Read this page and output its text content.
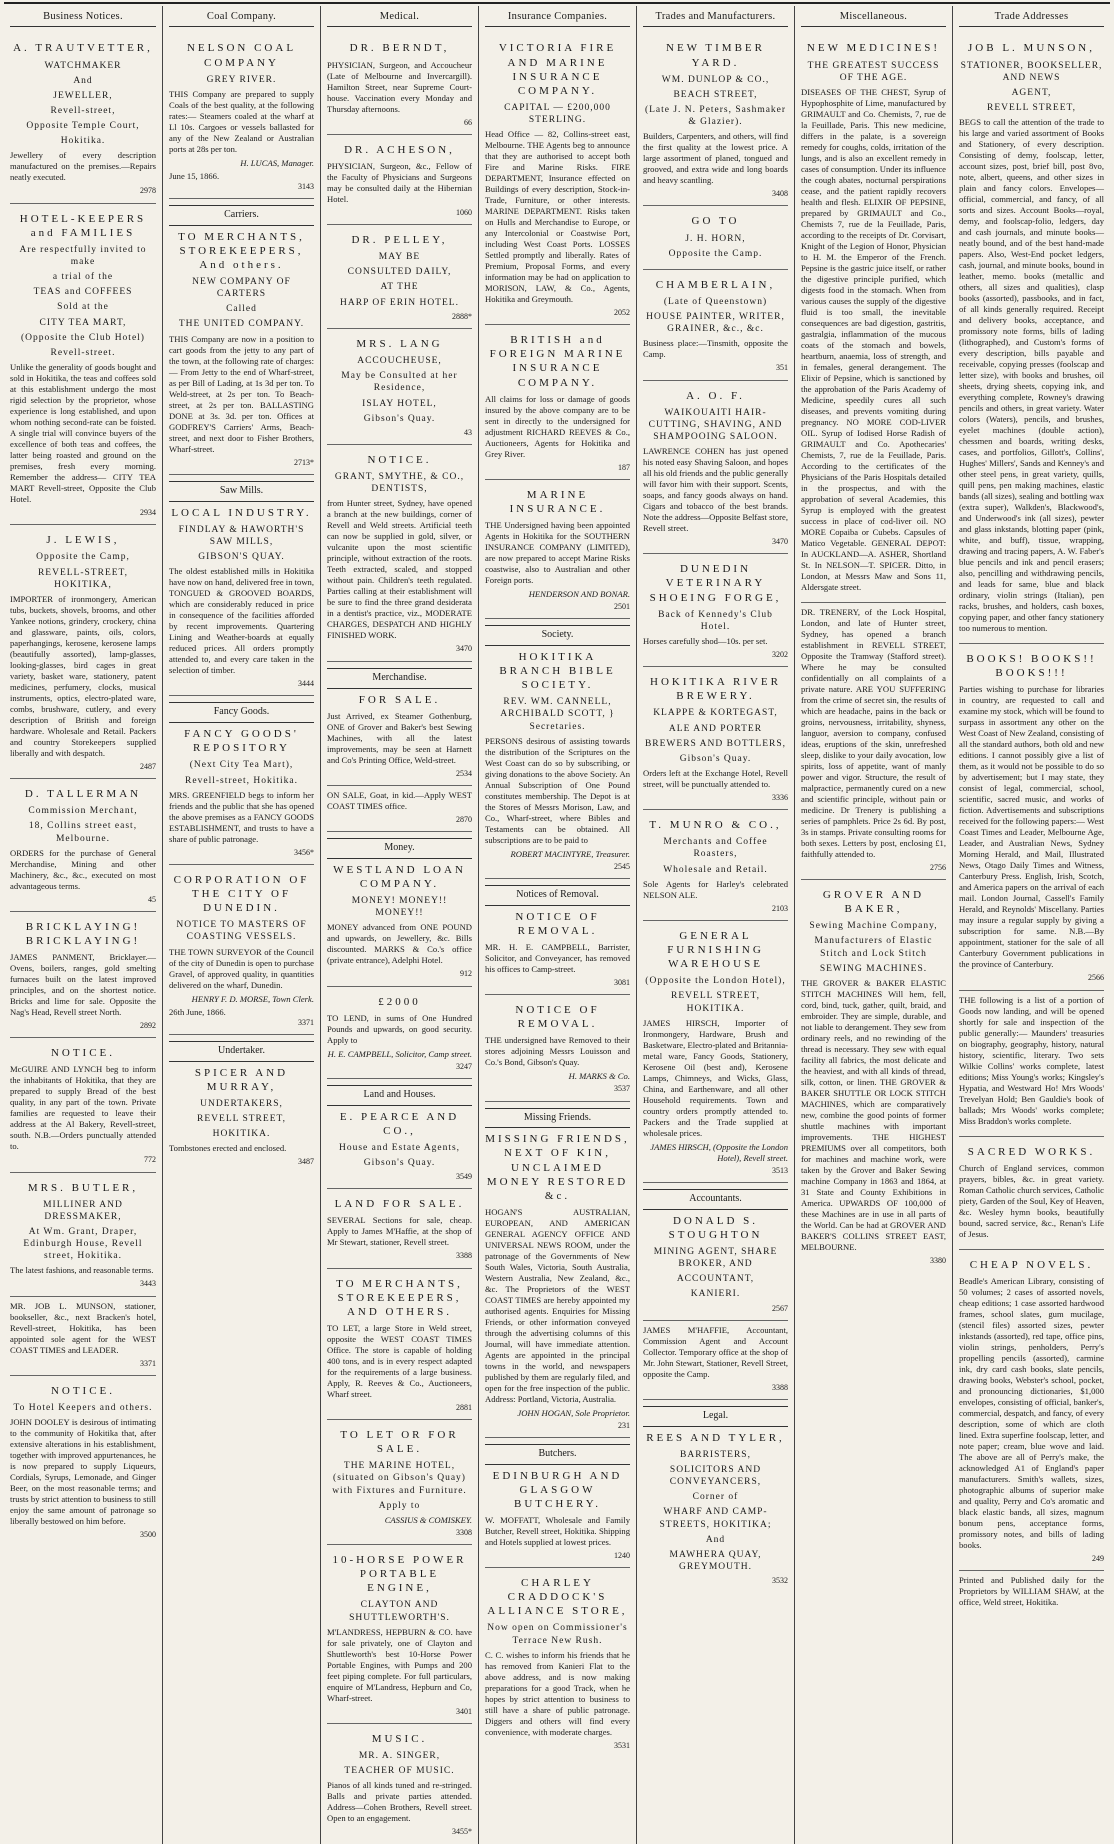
Business Notices.
A. TRAUTVETTER,
WATCHMAKER
And
JEWELLER,
Revell-street,
Opposite Temple Court,
Hokitika.

Jewellery of every description manufactured on the premises.—Repairs neatly executed.

2978
HOTEL-KEEPERS and FAMILIES
Are respectfully invited to make
a trial of the
TEAS and COFFEES
Sold at the
CITY TEA MART,
(Opposite the Club Hotel)
Revell-street.

Unlike the generality of goods bought and sold in Hokitika, the teas and coffees sold at this establishment undergo the most rigid selection by the proprietor, whose experience is long established, and upon whom nothing second-rate can be foisted. A single trial will convince buyers of the excellence of both teas and coffees, the latter being roasted and ground on the premises, fresh every morning. Remember the address— CITY TEA MART Revell-street, Opposite the Club Hotel.

2934
J. LEWIS,
Opposite the Camp,
REVELL-STREET, HOKITIKA,

IMPORTER of ironmongery, American tubs, buckets, shovels, brooms, and other Yankee notions, grindery, crockery, china and glassware, paints, oils, colors, paperhangings, kerosene, kerosene lamps (beautifully assorted), lamp-glasses, looking-glasses, bird cages in great variety, basket ware, stationery, patent medicines, perfumery, clocks, musical instruments, optics, electro-plated ware, combs, brushware, cutlery, and every description of British and foreign hardware. Wholesale and Retail. Packers and country Storekeepers supplied liberally and with despatch.

2487
D. TALLERMAN
Commission Merchant,
18, Collins street east, Melbourne.

ORDERS for the purchase of General Merchandise, Mining and other Machinery, &c., &c., executed on most advantageous terms.

45
BRICKLAYING! BRICKLAYING!

JAMES PANMENT, Bricklayer.— Ovens, boilers, ranges, gold smelting furnaces built on the latest improved principles, and on the shortest notice. Bricks and lime for sale. Opposite the Nag's Head, Revell street North.

2892
NOTICE.

McGUIRE AND LYNCH beg to inform the inhabitants of Hokitika, that they are prepared to supply Bread of the best quality, in any part of the town. Private families are requested to leave their address at the Al Bakery, Revell-street, south. N.B.—Orders punctually attended to.

772
MRS. BUTLER,
MILLINER AND DRESSMAKER,
At Wm. Grant, Draper, Edinburgh House, Revell street, Hokitika.

The latest fashions, and reasonable terms.

3443

MR. JOB L. MUNSON, stationer, bookseller, &c., next Bracken's hotel, Revell-street, Hokitika, has been appointed sole agent for the WEST COAST TIMES and LEADER.

3371
NOTICE.
To Hotel Keepers and others.

JOHN DOOLEY is desirous of intimating to the community of Hokitika that, after extensive alterations in his establishment, together with improved appurtenances, he is now prepared to supply Liqueurs, Cordials, Syrups, Lemonade, and Ginger Beer, on the most reasonable terms; and trusts by strict attention to business to still enjoy the same amount of patronage so liberally bestowed on him before.

3500
Coal Company.
NELSON COAL COMPANY
GREY RIVER.

THIS Company are prepared to supply Coals of the best quality, at the following rates:— Steamers coaled at the wharf at Ll 10s. Cargoes or vessels ballasted for any of the New Zealand or Australian ports at 28s per ton.

H. LUCAS, Manager.
June 15, 1866.
3143
Carriers.
TO MERCHANTS, STOREKEEPERS, And others.
NEW COMPANY OF CARTERS
Called
THE UNITED COMPANY.

THIS Company are now in a position to cart goods from the jetty to any part of the town, at the following rate of charges:— From Jetty to the end of Wharf-street, as per Bill of Lading, at 1s 3d per ton. To Weld-street, at 2s per ton. To Beach-street, at 2s per ton. BALLASTING DONE at 3s. 3d. per ton. Offices at GODFREY'S Carriers' Arms, Beach-street, and next door to Fisher Brothers, Wharf-street.

2713*
Saw Mills.
LOCAL INDUSTRY.
FINDLAY & HAWORTH'S SAW MILLS,
GIBSON'S QUAY.

The oldest established mills in Hokitika have now on hand, delivered free in town, TONGUED & GROOVED BOARDS, which are considerably reduced in price in consequence of the facilities afforded by recent improvements. Quartering Lining and Weather-boards at equally reduced prices. All orders promptly attended to, and every care taken in the selection of timber.

3444
Fancy Goods.
FANCY GOODS' REPOSITORY
(Next City Tea Mart),
Revell-street, Hokitika.

MRS. GREENFIELD begs to inform her friends and the public that she has opened the above premises as a FANCY GOODS ESTABLISHMENT, and trusts to have a share of public patronage.

3456*
CORPORATION OF THE CITY OF DUNEDIN.
NOTICE TO MASTERS OF COASTING VESSELS.

THE TOWN SURVEYOR of the Council of the city of Dunedin is open to purchase Gravel, of approved quality, in quantities delivered on the wharf, Dunedin.

HENRY F. D. MORSE, Town Clerk.
26th June, 1866.
3371
Undertaker.
SPICER AND MURRAY,
UNDERTAKERS,
REVELL STREET,
HOKITIKA.

Tombstones erected and enclosed.

3487
Medical.
DR. BERNDT,

PHYSICIAN, Surgeon, and Accoucheur (Late of Melbourne and Invercargill). Hamilton Street, near Supreme Court-house. Vaccination every Monday and Thursday afternoons.

66
DR. ACHESON,

PHYSICIAN, Surgeon, &c., Fellow of the Faculty of Physicians and Surgeons may be consulted daily at the Hibernian Hotel.

1060
DR. PELLEY,
MAY BE
CONSULTED DAILY,
AT THE
HARP OF ERIN HOTEL.
2888*
MRS. LANG
ACCOUCHEUSE,
May be Consulted at her Residence,
ISLAY HOTEL,
Gibson's Quay.
43
NOTICE.
GRANT, SMYTHE, & CO., DENTISTS,

from Hunter street, Sydney, have opened a branch at the new buildings, corner of Revell and Weld streets. Artificial teeth can now be supplied in gold, silver, or vulcanite upon the most scientific principle, without extraction of the roots. Teeth extracted, scaled, and stopped without pain. Children's teeth regulated. Parties calling at their establishment will be sure to find the three grand desiderata in a dentist's practice, viz., MODERATE CHARGES, DESPATCH AND HIGHLY FINISHED WORK.

3470
Merchandise.
FOR SALE.

Just Arrived, ex Steamer Gothenburg, ONE of Grover and Baker's best Sewing Machines, with all the latest improvements, may be seen at Harnett and Co's Printing Office, Weld-street.

2534

ON SALE, Goat, in kid.—Apply WEST COAST TIMES office.

2870
Money.
WESTLAND LOAN COMPANY.
MONEY! MONEY!! MONEY!!

MONEY advanced from ONE POUND and upwards, on Jewellery, &c. Bills discounted. MARKS & Co.'s office (private entrance), Adelphi Hotel.

912
£2000

TO LEND, in sums of One Hundred Pounds and upwards, on good security. Apply to

H. E. CAMPBELL, Solicitor, Camp street.
3247
Land and Houses.
E. PEARCE AND CO.,
House and Estate Agents,
Gibson's Quay.
3549
LAND FOR SALE.

SEVERAL Sections for sale, cheap. Apply to James M'Haffie, at the shop of Mr Stewart, stationer, Revell street.

3388
TO MERCHANTS, STOREKEEPERS, AND OTHERS.

TO LET, a large Store in Weld street, opposite the WEST COAST TIMES Office. The store is capable of holding 400 tons, and is in every respect adapted for the requirements of a large business. Apply, R. Reeves & Co., Auctioneers, Wharf street.

2881
TO LET OR FOR SALE.
THE MARINE HOTEL, (situated on Gibson's Quay) with Fixtures and Furniture.
Apply to
CASSIUS & COMISKEY.
3308
10-HORSE POWER PORTABLE ENGINE,
CLAYTON AND SHUTTLEWORTH'S.

M'LANDRESS, HEPBURN & CO. have for sale privately, one of Clayton and Shuttleworth's best 10-Horse Power Portable Engines, with Pumps and 200 feet piping complete. For full particulars, enquire of M'Landress, Hepburn and Co, Wharf-street.

3401
MUSIC.
MR. A. SINGER,
TEACHER OF MUSIC.

Pianos of all kinds tuned and re-stringed. Balls and private parties attended. Address—Cohen Brothers, Revell street. Open to an engagement.

3455*
Insurance Companies.
VICTORIA FIRE AND MARINE INSURANCE COMPANY.
CAPITAL — £200,000 STERLING.

Head Office — 82, Collins-street east, Melbourne. THE Agents beg to announce that they are authorised to accept both Fire and Marine Risks. FIRE DEPARTMENT, Insurance effected on Buildings of every description, Stock-in-Trade, Furniture, or other interests. MARINE DEPARTMENT. Risks taken on Hulls and Merchandise to Europe, or any Intercolonial or Coastwise Port, including West Coast Ports. LOSSES Settled promptly and liberally. Rates of Premium, Proposal Forms, and every information may be had on application to MORISON, LAW, & Co., Agents, Hokitika and Greymouth.

2052
BRITISH and FOREIGN MARINE INSURANCE COMPANY.

All claims for loss or damage of goods insured by the above company are to be sent in directly to the undersigned for adjustment RICHARD REEVES & Co., Auctioneers, Agents for Hokitika and Grey River.

187
MARINE INSURANCE.

THE Undersigned having been appointed Agents in Hokitika for the SOUTHERN INSURANCE COMPANY (LIMITED), are now prepared to accept Marine Risks coastwise, also to Australian and other Foreign ports.

HENDERSON AND BONAR.
2501
Society.
HOKITIKA BRANCH BIBLE SOCIETY.
REV. WM. CANNELL, ARCHIBALD SCOTT, } Secretaries.

PERSONS desirous of assisting towards the distribution of the Scriptures on the West Coast can do so by subscribing, or giving donations to the above Society. An Annual Subscription of One Pound constitutes membership. The Depot is at the Stores of Messrs Morison, Law, and Co., Wharf-street, where Bibles and Testaments can be obtained. All subscriptions are to be paid to

ROBERT MACINTYRE, Treasurer.
2545
Notices of Removal.
NOTICE OF REMOVAL.

MR. H. E. CAMPBELL, Barrister, Solicitor, and Conveyancer, has removed his offices to Camp-street.

3081
NOTICE OF REMOVAL.

THE undersigned have Removed to their stores adjoining Messrs Louisson and Co.'s Bond, Gibson's Quay.

H. MARKS & Co.
3537
Missing Friends.
MISSING FRIENDS, NEXT OF KIN, UNCLAIMED MONEY RESTORED &c.

HOGAN'S AUSTRALIAN, EUROPEAN, AND AMERICAN GENERAL AGENCY OFFICE AND UNIVERSAL NEWS ROOM, under the patronage of the Governments of New South Wales, Victoria, South Australia, Western Australia, New Zealand, &c., &c. The Proprietors of the WEST COAST TIMES are hereby appointed my authorised agents. Enquiries for Missing Friends, or other information conveyed through the advertising columns of this Journal, will have immediate attention. Agents are appointed in the principal towns in the world, and newspapers published by them are regularly filed, and open for the free inspection of the public. Address: Portland, Victoria, Australia.

JOHN HOGAN, Sole Proprietor.
231
Butchers.
EDINBURGH AND GLASGOW BUTCHERY.

W. MOFFATT, Wholesale and Family Butcher, Revell street, Hokitika. Shipping and Hotels supplied at lowest prices.

1240
CHARLEY CRADDOCK'S ALLIANCE STORE,
Now open on Commissioner's Terrace New Rush.

C. C. wishes to inform his friends that he has removed from Kanieri Flat to the above address, and is now making preparations for a good Track, when he hopes by strict attention to business to still have a share of public patronage. Diggers and others will find every convenience, with moderate charges.

3531
Trades and Manufacturers.
NEW TIMBER YARD.
WM. DUNLOP & CO.,
BEACH STREET,
(Late J. N. Peters, Sashmaker & Glazier).

Builders, Carpenters, and others, will find the first quality at the lowest price. A large assortment of planed, tongued and grooved, and extra wide and long boards and heavy scantling.

3408
GO TO
J. H. HORN,
Opposite the Camp.
CHAMBERLAIN,
(Late of Queenstown)
HOUSE PAINTER, WRITER, GRAINER, &c., &c.

Business place:—Tinsmith, opposite the Camp.

351
A. O. F.
WAIKOUAITI HAIR-CUTTING, SHAVING, AND SHAMPOOING SALOON.

LAWRENCE COHEN has just opened his noted easy Shaving Saloon, and hopes all his old friends and the public generally will favor him with their support. Scents, soaps, and fancy goods always on hand. Cigars and tobacco of the best brands. Note the address—Opposite Belfast store, Revell street.

3470
DUNEDIN VETERINARY SHOEING FORGE,
Back of Kennedy's Club Hotel.

Horses carefully shod—10s. per set.

3202
HOKITIKA RIVER BREWERY.
KLAPPE & KORTEGAST,
ALE AND PORTER
BREWERS AND BOTTLERS,
Gibson's Quay.

Orders left at the Exchange Hotel, Revell street, will be punctually attended to.

3336
T. MUNRO & CO.,
Merchants and Coffee Roasters,
Wholesale and Retail.

Sole Agents for Harley's celebrated NELSON ALE.

2103
GENERAL FURNISHING WAREHOUSE
(Opposite the London Hotel),
REVELL STREET, HOKITIKA.

JAMES HIRSCH, Importer of Ironmongery, Hardware, Brush and Basketware, Electro-plated and Britannia-metal ware, Fancy Goods, Stationery, Kerosene Oil (best and), Kerosene Lamps, Chimneys, and Wicks, Glass, China, and Earthenware, and all other Household requirements. Town and country orders promptly attended to. Packers and the Trade supplied at wholesale prices.

JAMES HIRSCH, (Opposite the London Hotel), Revell street.
3513
Accountants.
DONALD S. STOUGHTON
MINING AGENT, SHARE BROKER, AND
ACCOUNTANT,
KANIERI.
2567

JAMES M'HAFFIE, Accountant, Commission Agent and Account Collector. Temporary office at the shop of Mr. John Stewart, Stationer, Revell Street, opposite the Camp.

3388
Legal.
REES AND TYLER,
BARRISTERS,
SOLICITORS AND CONVEYANCERS,
Corner of
WHARF AND CAMP-STREETS, HOKITIKA;
And
MAWHERA QUAY, GREYMOUTH.
3532
Miscellaneous.
NEW MEDICINES!
THE GREATEST SUCCESS OF THE AGE.

DISEASES OF THE CHEST, Syrup of Hypophosphite of Lime, manufactured by GRIMAULT and Co. Chemists, 7, rue de la Feuillade, Paris. This new medicine, differs in the palate, is a sovereign remedy for coughs, colds, irritation of the lungs, and is also an excellent remedy in cases of consumption. Under its influence the cough abates, nocturnal perspirations cease, and the patient rapidly recovers health and flesh. ELIXIR OF PEPSINE, prepared by GRIMAULT and Co., Chemists 7, rue de la Feuillade, Paris, according to the receipts of Dr. Corvisart, Knight of the Legion of Honor, Physician to H. M. the Emperor of the French. Pepsine is the gastric juice itself, or rather the digestive principle purified, which digests food in the stomach. When from various causes the supply of the digestive fluid is too small, the inevitable consequences are bad digestion, gastritis, gastralgia, inflammation of the mucous coats of the stomach and bowels, heartburn, anaemia, loss of strength, and in females, general derangement. The Elixir of Pepsine, which is sanctioned by the approbation of the Paris Academy of Medicine, speedily cures all such diseases, and prevents vomiting during pregnancy. NO MORE COD-LIVER OIL. Syrup of Iodised Horse Radish of GRIMAULT and Co. Apothecaries' Chemists, 7, rue de la Feuillade, Paris. According to the certificates of the Physicians of the Paris Hospitals detailed in the prospectus, and with the approbation of several Academies, this Syrup is employed with the greatest success in place of cod-liver oil. NO MORE Copaiba or Cubebs. Capsules of Matico Vegetable. GENERAL DEPOT: In AUCKLAND—A. ASHER, Shortland St. In NELSON—T. SPICER. Ditto, in London, at Messrs Maw and Sons 11, Aldersgate street.

DR. TRENERY, of the Lock Hospital, London, and late of Hunter street, Sydney, has opened a branch establishment in REVELL STREET, Opposite the Tramway (Stafford street). Where he may be consulted confidentially on all complaints of a private nature. ARE YOU SUFFERING from the crime of secret sin, the results of which are headache, pains in the back or groins, nervousness, irritability, shyness, languor, aversion to company, confused ideas, eruptions of the skin, unrefreshed sleep, dislike to your daily avocation, low spirits, loss of appetite, want of manly power and vigor. Structure, the result of malpractice, permanently cured on a new and scientific principle, without pain or medicine. Dr Trenery is publishing a series of pamphlets. Price 2s 6d. By post, 3s in stamps. Private consulting rooms for both sexes. Letters by post, enclosing £1, faithfully attended to.

2756
GROVER AND BAKER,
Sewing Machine Company,
Manufacturers of Elastic Stitch and Lock Stitch
SEWING MACHINES.

THE GROVER & BAKER ELASTIC STITCH MACHINES Will hem, fell, cord, bind, tuck, gather, quilt, braid, and embroider. They are simple, durable, and not liable to derangement. They sew from ordinary reels, and no rewinding of the thread is necessary. They sew with equal facility all fabrics, the most delicate and the heaviest, and with all kinds of thread, silk, cotton, or linen. THE GROVER & BAKER SHUTTLE OR LOCK STITCH MACHINES, which are comparatively new, combine the good points of former shuttle machines with important improvements. THE HIGHEST PREMIUMS over all competitors, both for machines and machine work, were taken by the Grover and Baker Sewing machine Company in 1863 and 1864, at 31 State and County Exhibitions in America. UPWARDS OF 100,000 of these Machines are in use in all parts of the World. Can be had at GROVER AND BAKER'S COLLINS STREET EAST, MELBOURNE.

3380
Trade Addresses
JOB L. MUNSON,
STATIONER, BOOKSELLER, AND NEWS
AGENT,
REVELL STREET,

BEGS to call the attention of the trade to his large and varied assortment of Books and Stationery, of every description. Consisting of demy, foolscap, letter, account sizes, post, brief bill, post 8vo, note, albert, queens, and other sizes in plain and fancy colors. Envelopes—official, commercial, and fancy, of all sorts and sizes. Account Books—royal, demy, and foolscap-folio, ledgers, day and cash journals, and minute books—neatly bound, and of the best hand-made papers. Also, West-End pocket ledgers, cash, journal, and minute books, bound in leather, memo. books (metallic and others, all sizes and qualities), clasp books (assorted), passbooks, and in fact, of all kinds generally required. Receipt and delivery books, acceptance, and promissory note forms, bills of lading (lithographed), and Custom's forms of every description, bills payable and receivable, copying presses (foolscap and letter size), with books and brushes, oil sheets, drying sheets, copying ink, and everything complete, Rowney's drawing pencils and others, in great variety. Water colors (Waters), pencils, and brushes, eyelet machines (double action), chessmen and boards, writing desks, cases, and portfolios, Gillott's, Collins', Hughes' Millers', Sands and Kenney's and other steel pens, in great variety, quills, quill pens, pen making machines, elastic bands (all sizes), sealing and bottling wax (extra super), Walkden's, Blackwood's, and Underwood's ink (all sizes), pewter and glass inkstands, blotting paper (pink, white, and buff), tissue, wrapping, drawing and tracing papers, A. W. Faber's blue pencils and ink and pencil erasers; also, pencilling and withdrawing pencils, and leads for same, blue and black ordinary, violin strings (Italian), pen racks, brushes, and holders, cash boxes, copying paper, and other fancy stationery too numerous to mention.

BOOKS! BOOKS!! BOOKS!!!

Parties wishing to purchase for libraries in country, are requested to call and examine my stock, which will be found to surpass in assortment any other on the West Coast of New Zealand, consisting of all the standard authors, both old and new editions. I cannot possibly give a list of them, as it would not be possible to do so by advertisement; but I may state, they consist of legal, commercial, school, scientific, sacred music, and works of fiction. Advertisements and subscriptions received for the following papers:— West Coast Times and Leader, Melbourne Age, Leader, and Australian News, Sydney Morning Herald, and Mail, Illustrated News, Otago Daily Times and Witness, Canterbury Press. English, Irish, Scotch, and America papers on the arrival of each mail. London Journal, Cassell's Family Herald, and Reynolds' Miscellany. Parties may insure a regular supply by giving a subscription for same. N.B.—By appointment, stationer for the sale of all Canterbury Government publications in the province of Canterbury.

2566

THE following is a list of a portion of Goods now landing, and will be opened shortly for sale and inspection of the public generally:— Maunders' treasuries on biography, geography, history, natural history, scientific, literary. Two sets Wilkie Collins' works complete, latest editions; Miss Young's works; Kingsley's Hypatia, and Westward Ho! Mrs Woods' Trevelyan Hold; Ben Gauldie's book of ballads; Mrs Woods' works complete; Miss Braddon's works complete.

SACRED WORKS.

Church of England services, common prayers, bibles, &c. in great variety. Roman Catholic church services, Catholic piety, Garden of the Soul, Key of Heaven, &c. Wesley hymn books, beautifully bound, sacred service, &c., Renan's Life of Jesus.

CHEAP NOVELS.

Beadle's American Library, consisting of 50 volumes; 2 cases of assorted novels, cheap editions; 1 case assorted hardwood frames, school slates, gum mucilage, (stencil files) assorted sizes, pewter inkstands (assorted), red tape, office pins, violin strings, penholders, Perry's propelling pencils (assorted), carmine ink, dry card cash books, slate pencils, drawing books, Webster's school, pocket, and pronouncing dictionaries, $1,000 envelopes, consisting of official, banker's, commercial, despatch, and fancy, of every description, some of which are cloth lined. Extra superfine foolscap, letter, and note paper; cream, blue wove and laid. The above are all of Perry's make, the acknowledged A1 of England's paper manufacturers. Smith's wallets, sizes, photographic albums of superior make and quality, Perry and Co's aromatic and black elastic bands, all sizes, magnum bonum pens, acceptance forms, promissory notes, and bills of lading books.

249

Printed and Published daily for the Proprietors by WILLIAM SHAW, at the office, Weld street, Hokitika.
